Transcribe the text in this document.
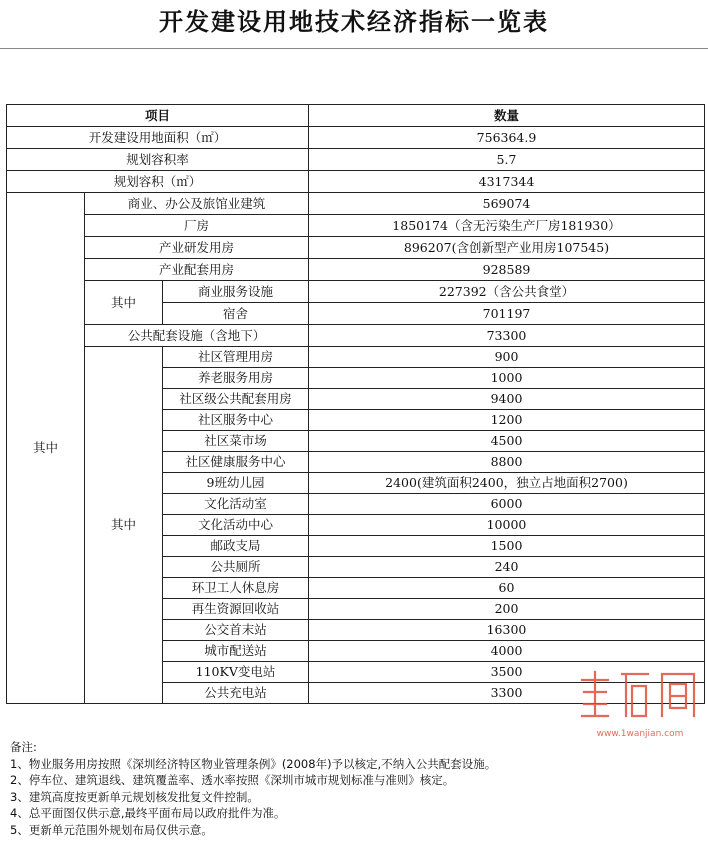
开发建设用地技术经济指标一览表
项目			数量
开发建设用地面积（㎡）			756364.9
规划容积率			5.7
规划容积（㎡）			4317344
其中	商业、办公及旅馆业建筑		569074
	厂房		1850174（含无污染生产厂房181930）
	产业研发用房		896207(含创新型产业用房107545)
	产业配套用房		928589
	其中	商业服务设施	227392（含公共食堂）
		宿舍	701197
	公共配套设施（含地下）		73300
	其中	社区管理用房	900
		养老服务用房	1000
		社区级公共配套用房	9400
		社区服务中心	1200
		社区菜市场	4500
		社区健康服务中心	8800
		9班幼儿园	2400(建筑面积2400，独立占地面积2700)
		文化活动室	6000
		文化活动中心	10000
		邮政支局	1500
		公共厕所	240
		环卫工人休息房	60
		再生资源回收站	200
		公交首末站	16300
		城市配送站	4000
		110KV变电站	3500
		公共充电站	3300
备注:
1、物业服务用房按照《深圳经济特区物业管理条例》(2008年)予以核定,不纳入公共配套设施。
2、停车位、建筑退线、建筑覆盖率、透水率按照《深圳市城市规划标准与准则》核定。
3、建筑高度按更新单元规划核发批复文件控制。
4、总平面图仅供示意,最终平面布局以政府批件为准。
5、更新单元范围外规划布局仅供示意。
www.1wanjian.com
